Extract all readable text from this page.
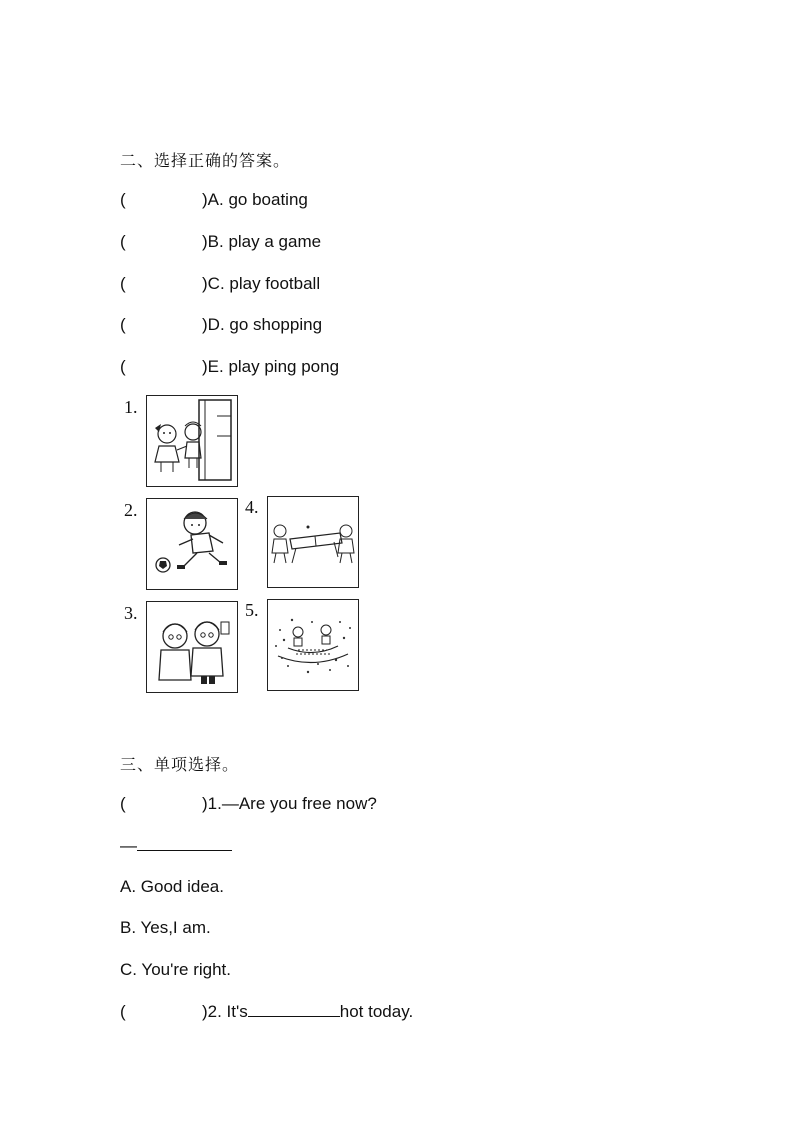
二、选择正确的答案。
(	)A. go boating
(	)B. play a game
(	)C. play football
(	)D. go shopping
(	)E. play ping pong
1.
2.
3.
4.
5.
三、单项选择。
(	)1.—Are you free now?
—
A. Good idea.
B. Yes,I am.
C. You're right.
(	)2. It's	hot today.
